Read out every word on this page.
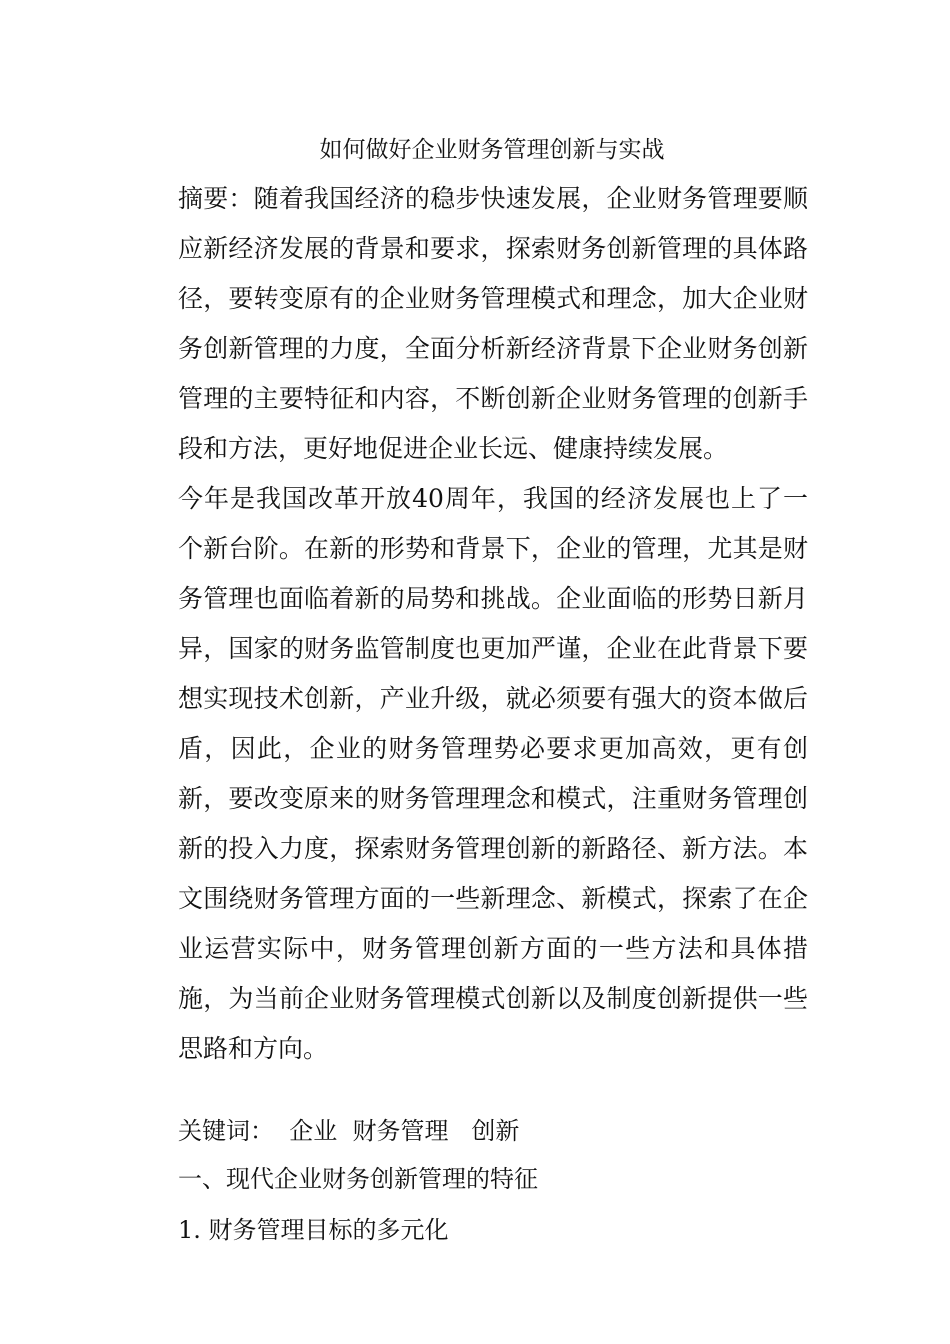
如何做好企业财务管理创新与实战

摘要：随着我国经济的稳步快速发展，企业财务管理要顺应新经济发展的背景和要求，探索财务创新管理的具体路径，要转变原有的企业财务管理模式和理念，加大企业财务创新管理的力度，全面分析新经济背景下企业财务创新管理的主要特征和内容，不断创新企业财务管理的创新手段和方法，更好地促进企业长远、健康持续发展。

今年是我国改革开放40周年，我国的经济发展也上了一个新台阶。在新的形势和背景下，企业的管理，尤其是财务管理也面临着新的局势和挑战。企业面临的形势日新月异，国家的财务监管制度也更加严谨，企业在此背景下要想实现技术创新，产业升级，就必须要有强大的资本做后盾，因此，企业的财务管理势必要求更加高效，更有创新，要改变原来的财务管理理念和模式，注重财务管理创新的投入力度，探索财务管理创新的新路径、新方法。本文围绕财务管理方面的一些新理念、新模式，探索了在企业运营实际中，财务管理创新方面的一些方法和具体措施，为当前企业财务管理模式创新以及制度创新提供一些思路和方向。

关键词：  企业  财务管理   创新

一、现代企业财务创新管理的特征

1. 财务管理目标的多元化
